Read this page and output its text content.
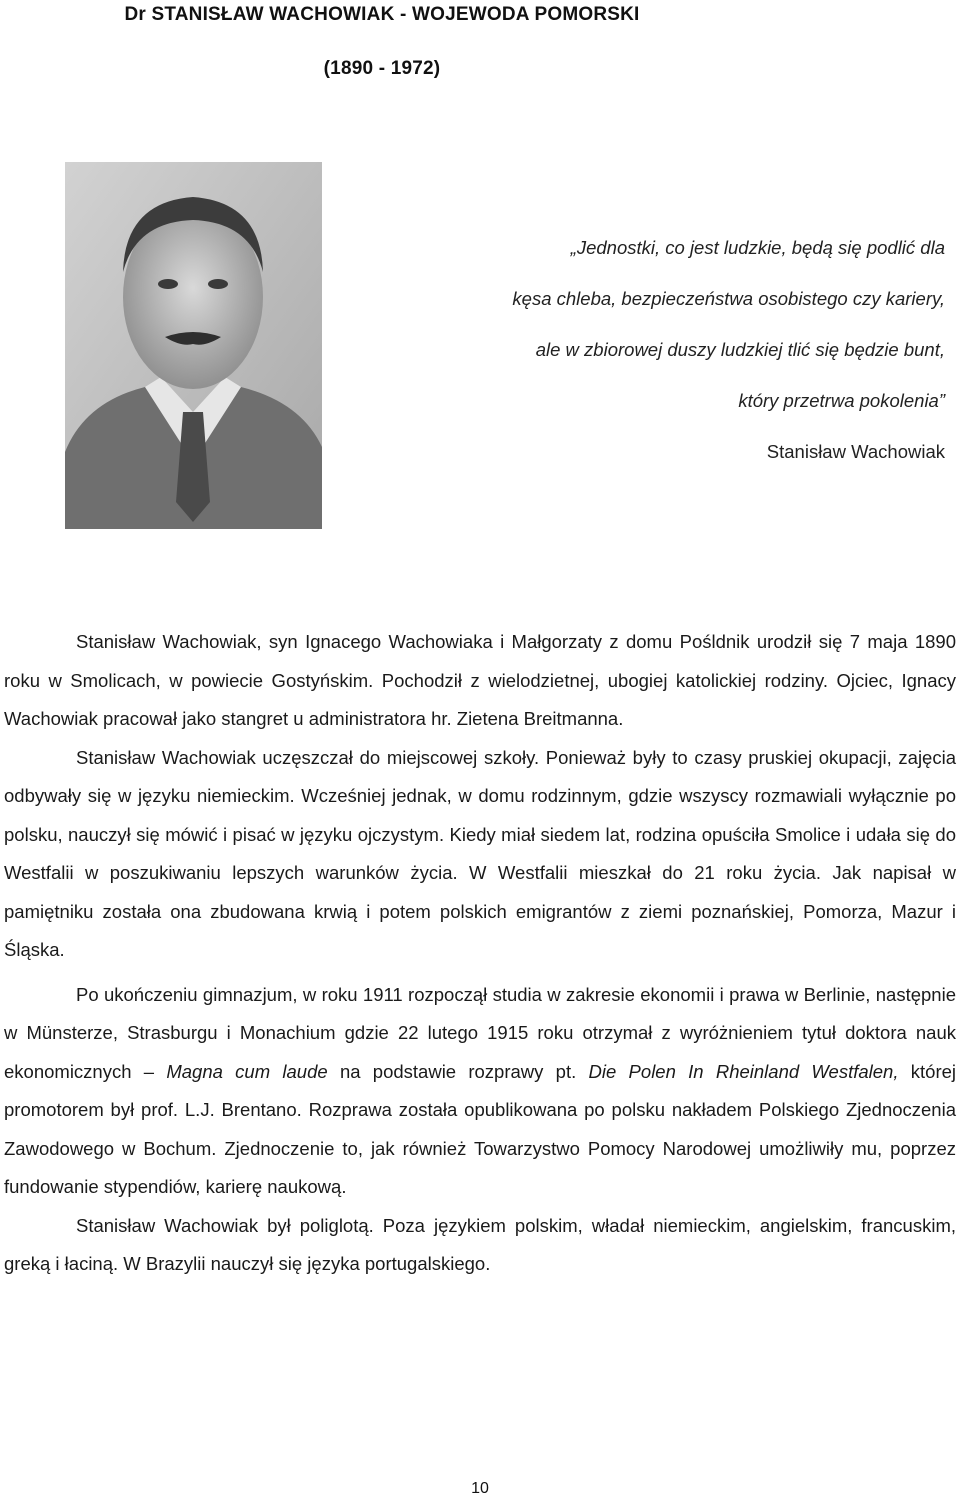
Dr STANISŁAW WACHOWIAK - WOJEWODA POMORSKI
(1890 - 1972)
„Jednostki, co jest ludzkie, będą się podlić dla
kęsa chleba, bezpieczeństwa osobistego czy kariery,
ale w zbiorowej duszy ludzkiej tlić się będzie bunt,
który przetrwa pokolenia”
Stanisław Wachowiak

Stanisław Wachowiak, syn Ignacego Wachowiaka i Małgorzaty z domu Pośldnik urodził się 7 maja 1890 roku w Smolicach, w powiecie Gostyńskim. Pochodził z wielodzietnej, ubogiej katolickiej rodziny. Ojciec, Ignacy Wachowiak pracował jako stangret u administratora hr. Zietena Breitmanna.

Stanisław Wachowiak uczęszczał do miejscowej szkoły. Ponieważ były to czasy pruskiej okupacji, zajęcia odbywały się w języku niemieckim. Wcześniej jednak, w domu rodzinnym, gdzie wszyscy rozmawiali wyłącznie po polsku, nauczył się mówić i pisać w języku ojczystym. Kiedy miał siedem lat, rodzina opuściła Smolice i udała się do Westfalii w poszukiwaniu lepszych warunków życia. W Westfalii mieszkał do 21 roku życia. Jak napisał w pamiętniku została ona zbudowana krwią i potem polskich emigrantów z ziemi poznańskiej, Pomorza, Mazur i Śląska.

Po ukończeniu gimnazjum, w roku 1911 rozpoczął studia w zakresie ekonomii i prawa w Berlinie, następnie w Münsterze, Strasburgu i Monachium gdzie 22 lutego 1915 roku otrzymał z wyróżnieniem tytuł doktora nauk ekonomicznych – Magna cum laude na podstawie rozprawy pt. Die Polen In Rheinland Westfalen, której promotorem był prof. L.J. Brentano. Rozprawa została opublikowana po polsku nakładem Polskiego Zjednoczenia Zawodowego w Bochum. Zjednoczenie to, jak również Towarzystwo Pomocy Narodowej umożliwiły mu, poprzez fundowanie stypendiów, karierę naukową.

Stanisław Wachowiak był poliglotą. Poza językiem polskim, władał niemieckim, angielskim, francuskim, greką i łaciną. W Brazylii nauczył się języka portugalskiego.

10
